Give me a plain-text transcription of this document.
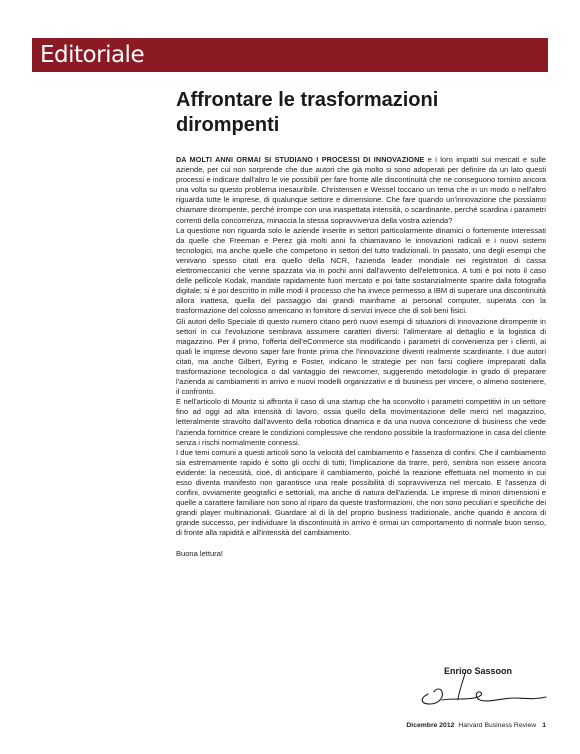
Editoriale
Affrontare le trasformazioni dirompenti

DA MOLTI ANNI ORMAI SI STUDIANO I PROCESSI DI INNOVAZIONE e i loro impatti sui mercati e sulle aziende, per cui non sorprende che due autori che già molto si sono adoperati per definire da un lato questi processi e indicare dall'altro le vie possibili per fare fronte alle discontinuità che ne conseguono tornino ancora una volta su questo problema inesauribile. Christensen e Wessel toccano un tema che in un modo o nell'altro riguarda tutte le imprese, di qualunque settore e dimensione. Che fare quando un'innovazione che possiamo chiamare dirompente, perché irrompe con una inaspettata intensità, o scardinante, perché scardina i parametri correnti della concorrenza, minaccia la stessa sopravvivenza della vostra azienda?

La questione non riguarda solo le aziende inserite in settori particolarmente dinamici o fortemente interessati da quelle che Freeman e Perez già molti anni fa chiamavano le innovazioni radicali e i nuovi sistemi tecnologici, ma anche quelle che competono in settori del tutto tradizionali. In passato, uno degli esempi che venivano spesso citati era quello della NCR, l'azienda leader mondiale nei registratori di cassa elettromeccanici che venne spazzata via in pochi anni dall'avvento dell'elettronica. A tutti è poi noto il caso delle pellicole Kodak, mandate rapidamente fuori mercato e poi fatte sostanzialmente sparire dalla fotografia digitale; si è poi descritto in mille modi il processo che ha invece permesso a IBM di superare una discontinuità allora inattesa, quella del passaggio dai grandi mainframe ai personal computer, superata con la trasformazione del colosso americano in fornitore di servizi invece che di soli beni fisici.

Gli autori dello Speciale di questo numero citano però nuovi esempi di situazioni di innovazione dirompente in settori in cui l'evoluzione sembrava assumere caratteri diversi: l'alimentare al dettaglio e la logistica di magazzino. Per il primo, l'offerta dell'eCommerce sta modificando i parametri di convenienza per i clienti, ai quali le imprese devono saper fare fronte prima che l'innovazione diventi realmente scardinante. I due autori citati, ma anche Gilbert, Eyring e Foster, indicano le strategie per non farsi cogliere impreparati dalla trasformazione tecnologica o dal vantaggio dei newcomer, suggerendo metodologie in grado di preparare l'azienda ai cambiamenti in arrivo e nuovi modelli organizzativi e di business per vincere, o almeno sostenere, il confronto.

E nell'articolo di Mountz si affronta il caso di una startup che ha sconvolto i parametri competitivi in un settore fino ad oggi ad alta intensità di lavoro, ossia quello della movimentazione delle merci nel magazzino, letteralmente stravolto dall'avvento della robotica dinamica e da una nuova concezione di business che vede l'azienda fornitrice creare le condizioni complessive che rendono possibile la trasformazione in casa del cliente senza i rischi normalmente connessi.

I due temi comuni a questi articoli sono la velocità del cambiamento e l'assenza di confini. Che il cambiamento sia estremamente rapido è sotto gli occhi di tutti; l'implicazione da trarre, però, sembra non essere ancora evidente: la necessità, cioè, di anticipare il cambiamento, poiché la reazione effettuata nel momento in cui esso diventa manifesto non garantisce una reale possibilità di sopravvivenza nel mercato. E l'assenza di confini, ovviamente geografici e settoriali, ma anche di natura dell'azienda. Le imprese di minori dimensioni e quelle a carattere familiare non sono al riparo da queste trasformazioni, che non sono peculiari e specifiche dei grandi player multinazionali. Guardare al di là del proprio business tradizionale, anche quando è ancora di grande successo, per individuare la discontinuità in arrivo è ormai un comportamento di normale buon senso, di fronte alla rapidità e all'intensità del cambiamento.

Buona lettura!

Enrico Sassoon
Dicembre 2012 Harvard Business Review 1
